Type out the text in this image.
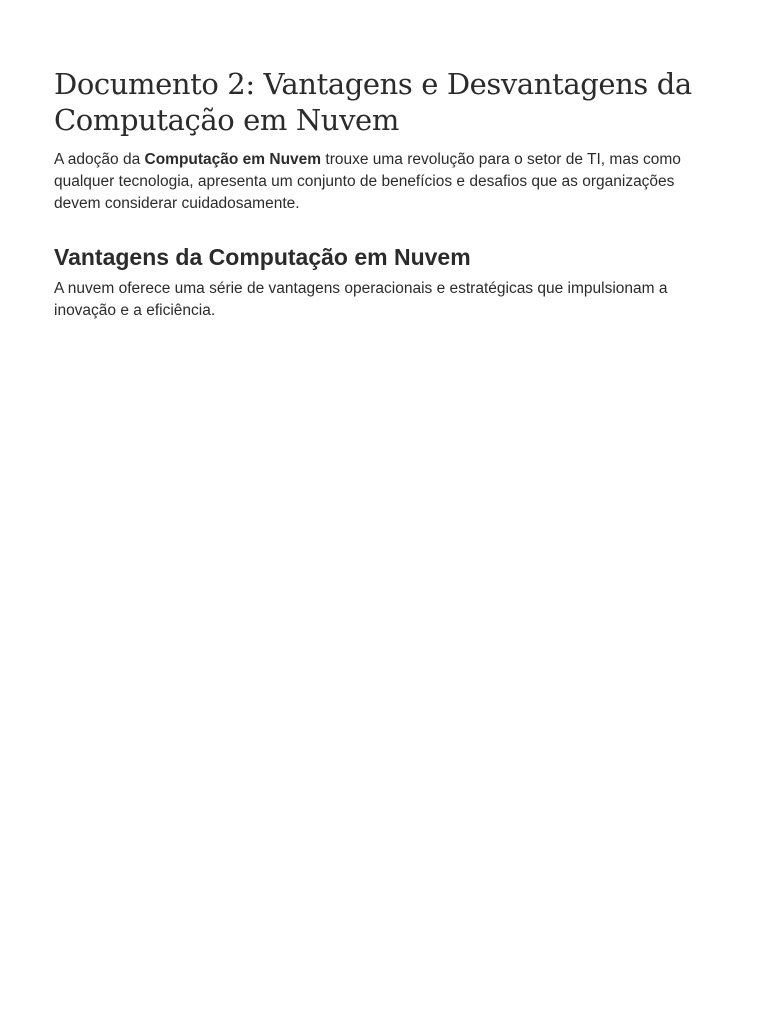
Documento 2: Vantagens e Desvantagens da Computação em Nuvem

A adoção da Computação em Nuvem trouxe uma revolução para o setor de TI, mas como qualquer tecnologia, apresenta um conjunto de benefícios e desafios que as organizações devem considerar cuidadosamente.

Vantagens da Computação em Nuvem

A nuvem oferece uma série de vantagens operacionais e estratégicas que impulsionam a inovação e a eficiência.
